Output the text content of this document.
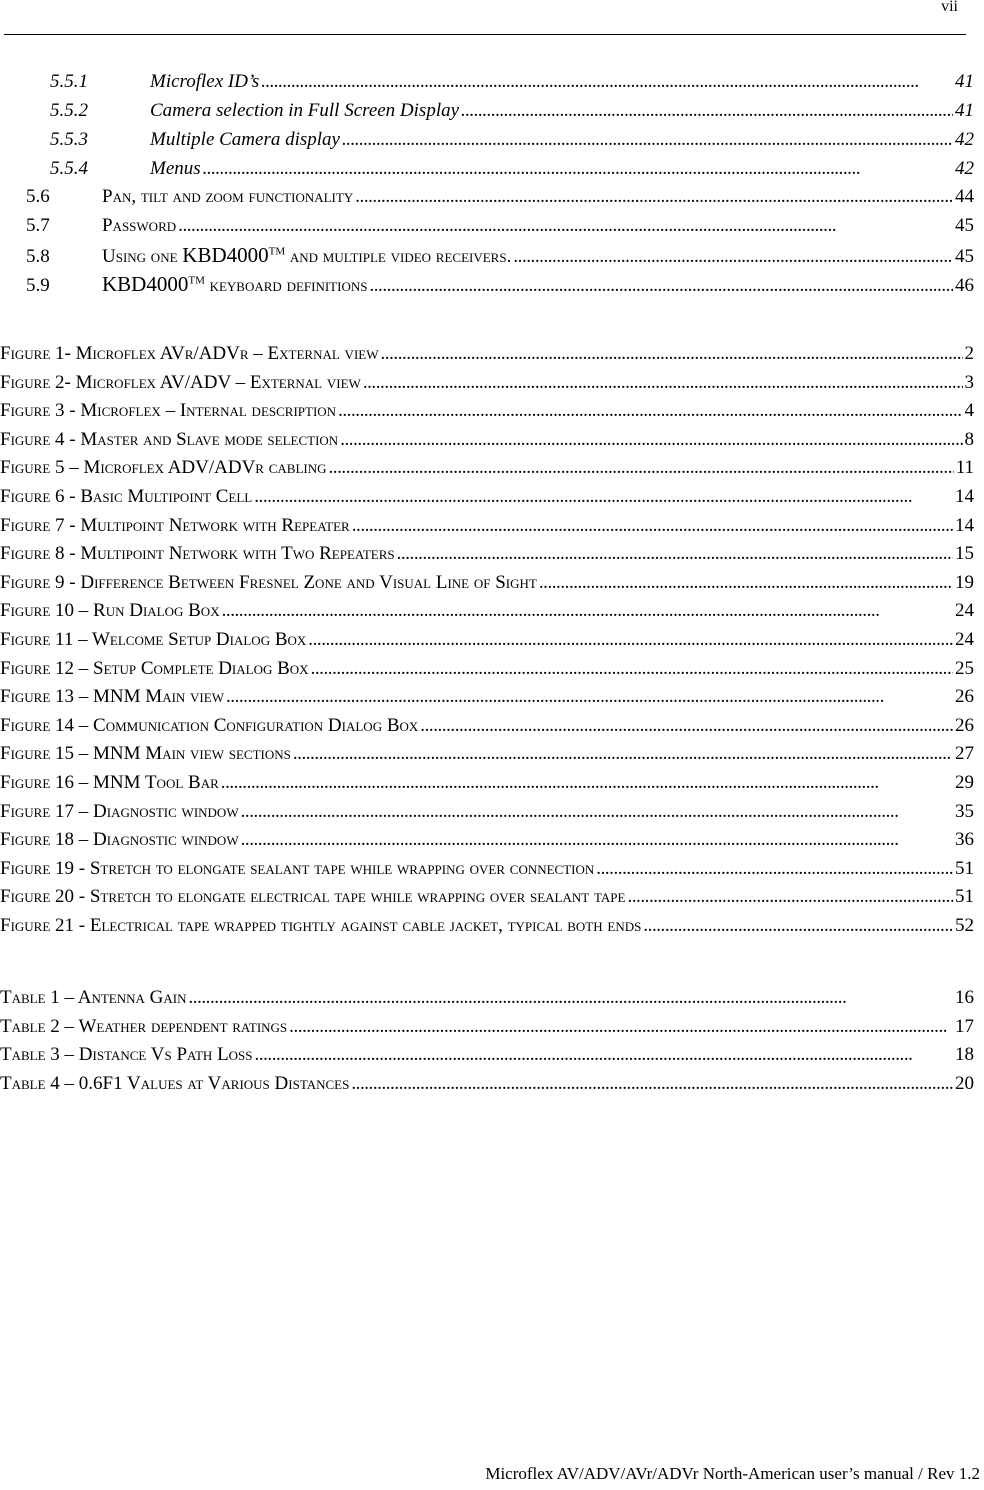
vii
5.5.1	Microflex ID’s . . .	41
5.5.2	Camera selection in Full Screen Display . . .	41
5.5.3	Multiple Camera display . . .	42
5.5.4	Menus . . .	42
5.6	Pan, tilt and zoom functionality . . .	44
5.7	Password . . .	45
5.8	Using one KBD4000™ and multiple video receivers. . . .	45
5.9	KBD4000™ keyboard definitions . . .	46
Figure 1- Microflex AVr/ADVr – External view . . .	2
Figure 2- Microflex AV/ADV – External view . . .	3
Figure 3 - Microflex – Internal description . . .	4
Figure 4 - Master and Slave mode selection . . .	8
Figure 5 – Microflex ADV/ADVr cabling . . .	11
Figure 6 - Basic Multipoint Cell . . .	14
Figure 7 - Multipoint Network with Repeater . . .	14
Figure 8 - Multipoint Network with Two Repeaters . . .	15
Figure 9 - Difference Between Fresnel Zone and Visual Line of Sight . . .	19
Figure 10 – Run Dialog Box . . .	24
Figure 11 – Welcome Setup Dialog Box . . .	24
Figure 12 – Setup Complete Dialog Box . . .	25
Figure 13 – MNM Main view . . .	26
Figure 14 – Communication Configuration Dialog Box . . .	26
Figure 15 – MNM Main view sections . . .	27
Figure 16 – MNM Tool Bar . . .	29
Figure 17 – Diagnostic window . . .	35
Figure 18 – Diagnostic window . . .	36
Figure 19 - Stretch to elongate sealant tape while wrapping over connection . . .	51
Figure 20 - Stretch to elongate electrical tape while wrapping over sealant tape . . .	51
Figure 21 - Electrical tape wrapped tightly against cable jacket, typical both ends . . .	52
Table 1 – Antenna Gain . . .	16
Table 2 – Weather dependent ratings . . .	17
Table 3 – Distance Vs Path Loss . . .	18
Table 4 – 0.6F1 Values at Various Distances . . .	20
Microflex AV/ADV/AVr/ADVr North-American user’s manual / Rev 1.2
